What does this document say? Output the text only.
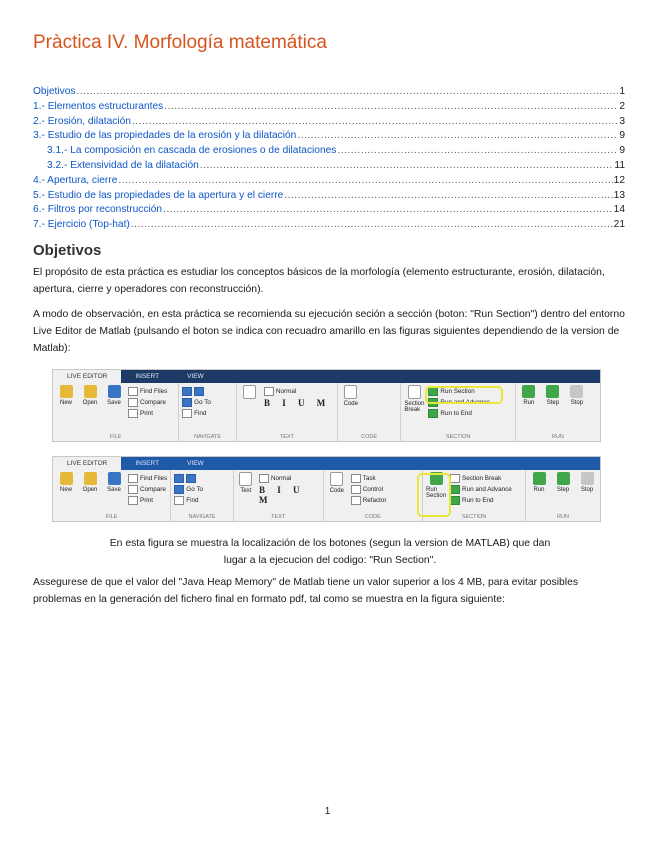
Pràctica IV. Morfología matemática
Objetivos .....	1
1.- Elementos estructurantes .....	2
2.- Erosión, dilatación .....	3
3.- Estudio de las propiedades de la erosión y la dilatación .....	9
3.1.- La composición en cascada de erosiones o de dilataciones .....	9
3.2.- Extensividad de la dilatación .....	11
4.- Apertura, cierre .....	12
5.- Estudio de las propiedades de la apertura y el cierre .....	13
6.- Filtros por reconstrucción .....	14
7.- Ejercicio (Top-hat) .....	21
Objetivos
El propósito de esta práctica es estudiar los conceptos básicos de la morfología (elemento estructurante, erosión, dilatación, apertura, cierre y operadores con reconstrucción).
A modo de observación, en esta práctica se recomienda su ejecución seción a sección (boton: "Run Section") dentro del entorno Live Editor de Matlab (pulsando el boton se indica con recuadro amarillo en las figuras siguientes dependiendo de la version de Matlab):
LIVE EDITOR	INSERT	VIEW
New Open Save
Find Files
Compare
Print
FILE
Go To
Find
NAVIGATE
Normal
B I U M
TEXT
Code
CODE
Section Break
Run Section
Run and Advance
Run to End
SECTION
Run Step Stop
RUN
LIVE EDITOR	INSERT	VIEW
New Open Save
Find Files
Compare
Print
FILE
Go To
Find
NAVIGATE
Text
Normal
B I U M
TEXT
Code
Task
Control
Refactor
CODE
Run Section
Section Break
Run and Advance
Run to End
SECTION
Run Step Stop
RUN
En esta figura se muestra la localización de los botones (segun la version de MATLAB) que dan lugar a la ejecucion del codigo: "Run Section".
Assegurese de que el valor del "Java Heap Memory" de Matlab tiene un valor superior a los 4 MB, para evitar posibles problemas en la generación del fichero final en formato pdf, tal como se muestra en la figura siguiente:
1
